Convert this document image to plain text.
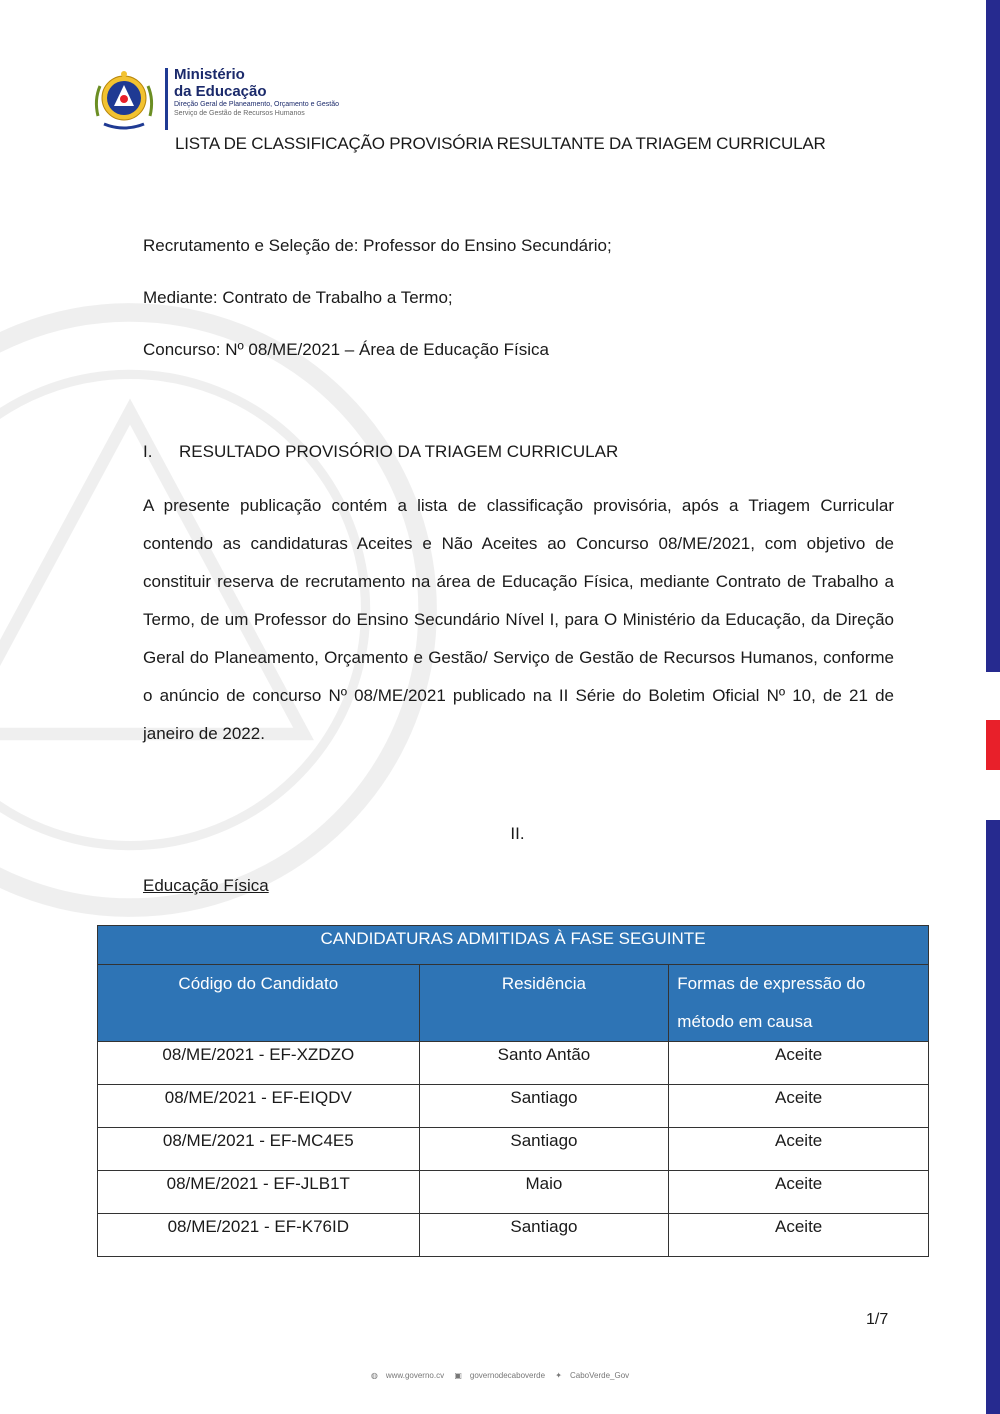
Ministério
da Educação
Direção Geral de Planeamento, Orçamento e Gestão
Serviço de Gestão de Recursos Humanos
LISTA DE CLASSIFICAÇÃO PROVISÓRIA RESULTANTE DA TRIAGEM CURRICULAR
Recrutamento e Seleção de: Professor do Ensino Secundário;
Mediante: Contrato de Trabalho a Termo;
Concurso: Nº 08/ME/2021 – Área de Educação Física
I. RESULTADO PROVISÓRIO DA TRIAGEM CURRICULAR
A presente publicação contém a lista de classificação provisória, após a Triagem Curricular contendo as candidaturas Aceites e Não Aceites ao Concurso 08/ME/2021, com objetivo de constituir reserva de recrutamento na área de Educação Física, mediante Contrato de Trabalho a Termo, de um Professor do Ensino Secundário Nível I, para O Ministério da Educação, da Direção Geral do Planeamento, Orçamento e Gestão/ Serviço de Gestão de Recursos Humanos, conforme o anúncio de concurso Nº 08/ME/2021 publicado na II Série do Boletim Oficial Nº 10, de 21 de janeiro de 2022.
II.
Educação Física
CANDIDATURAS ADMITIDAS À FASE SEGUINTE		
Código do Candidato	Residência	Formas de expressão do método em causa
08/ME/2021 - EF-XZDZO	Santo Antão	Aceite
08/ME/2021 - EF-EIQDV	Santiago	Aceite
08/ME/2021 - EF-MC4E5	Santiago	Aceite
08/ME/2021 - EF-JLB1T	Maio	Aceite
08/ME/2021 - EF-K76ID	Santiago	Aceite
1/7
◍ www.governo.cv ▣ governodecaboverde ✦ CaboVerde_Gov
